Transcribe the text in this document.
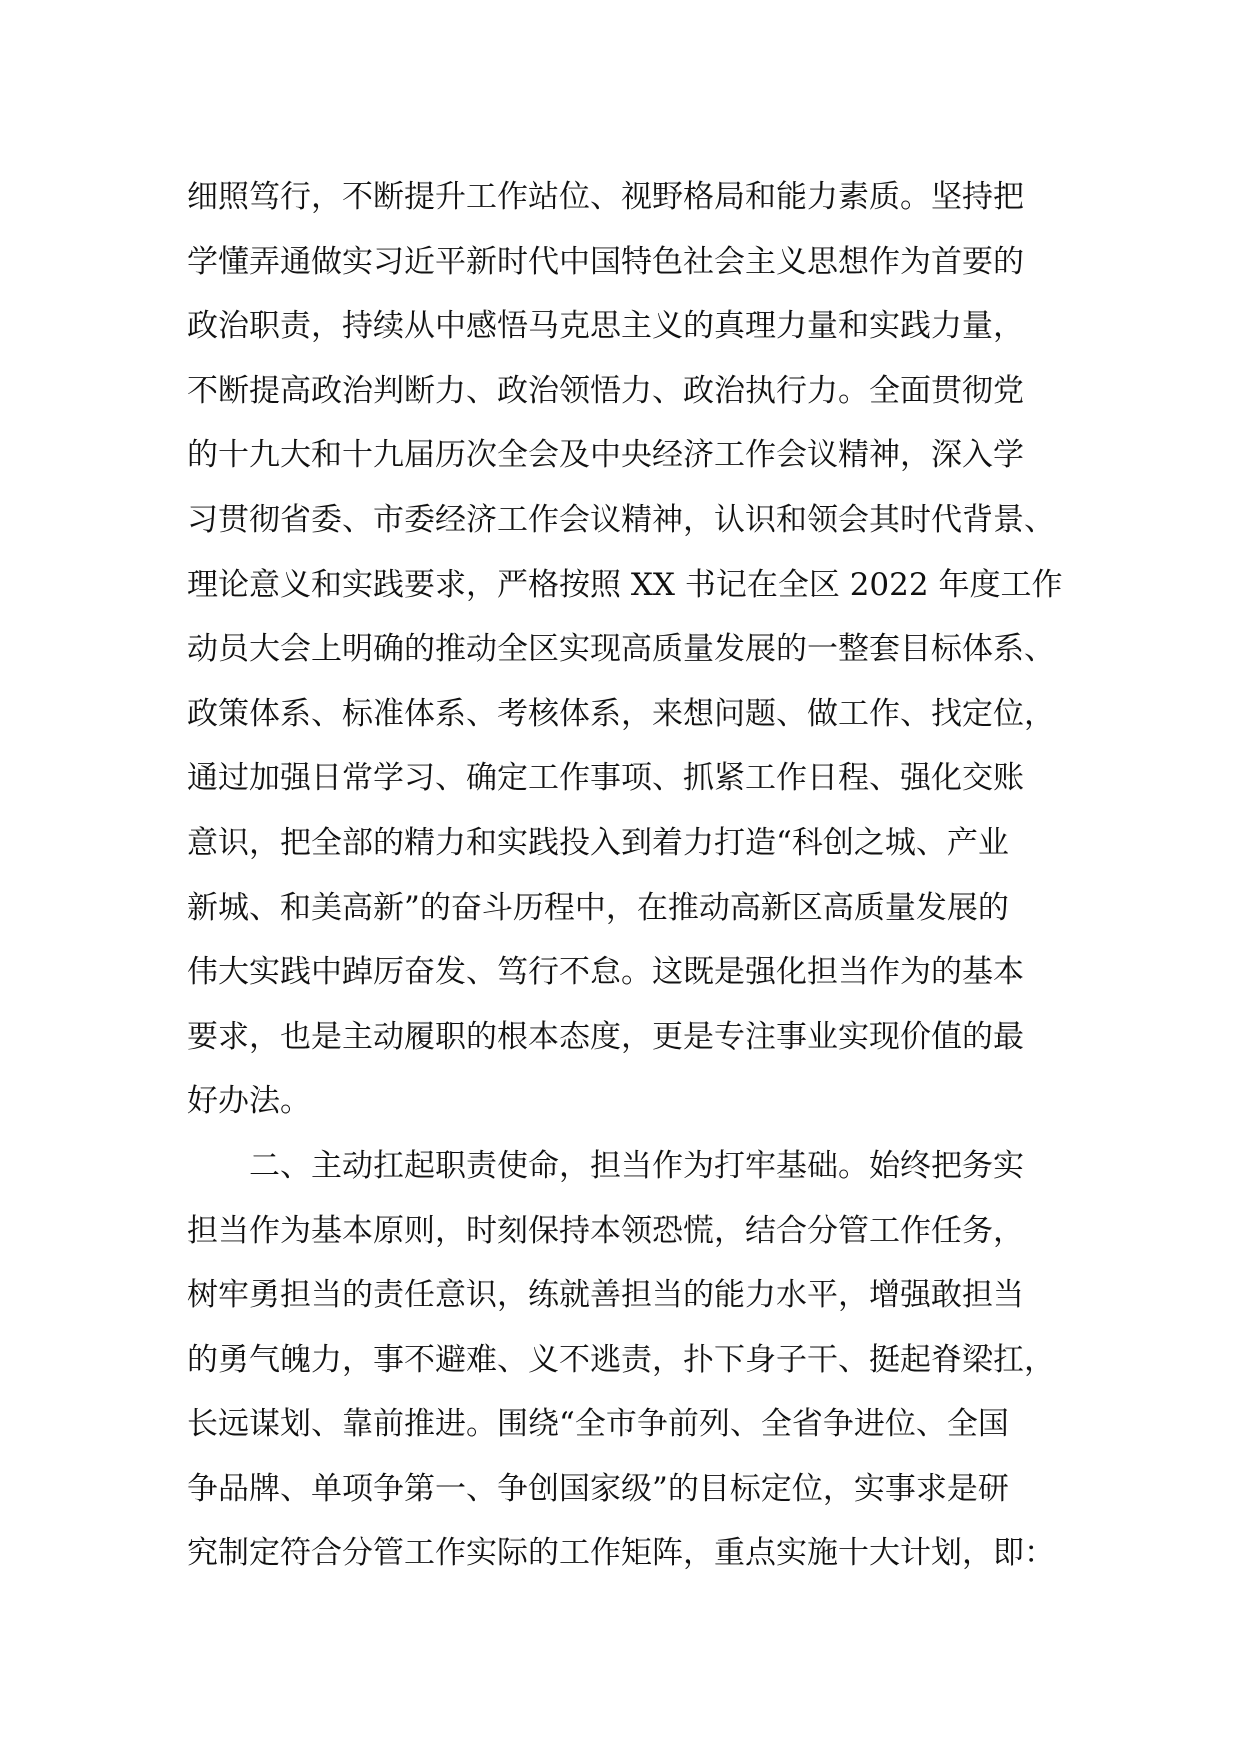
细照笃行，不断提升工作站位、视野格局和能力素质。坚持把
学懂弄通做实习近平新时代中国特色社会主义思想作为首要的
政治职责，持续从中感悟马克思主义的真理力量和实践力量，
不断提高政治判断力、政治领悟力、政治执行力。全面贯彻党
的十九大和十九届历次全会及中央经济工作会议精神，深入学
习贯彻省委、市委经济工作会议精神，认识和领会其时代背景、
理论意义和实践要求，严格按照 XX 书记在全区 2022 年度工作
动员大会上明确的推动全区实现高质量发展的一整套目标体系、
政策体系、标准体系、考核体系，来想问题、做工作、找定位，
通过加强日常学习、确定工作事项、抓紧工作日程、强化交账
意识，把全部的精力和实践投入到着力打造“科创之城、产业
新城、和美高新”的奋斗历程中，在推动高新区高质量发展的
伟大实践中踔厉奋发、笃行不怠。这既是强化担当作为的基本
要求，也是主动履职的根本态度，更是专注事业实现价值的最
好办法。
二、主动扛起职责使命，担当作为打牢基础。始终把务实
担当作为基本原则，时刻保持本领恐慌，结合分管工作任务，
树牢勇担当的责任意识，练就善担当的能力水平，增强敢担当
的勇气魄力，事不避难、义不逃责，扑下身子干、挺起脊梁扛，
长远谋划、靠前推进。围绕“全市争前列、全省争进位、全国
争品牌、单项争第一、争创国家级”的目标定位，实事求是研
究制定符合分管工作实际的工作矩阵，重点实施十大计划，即：
